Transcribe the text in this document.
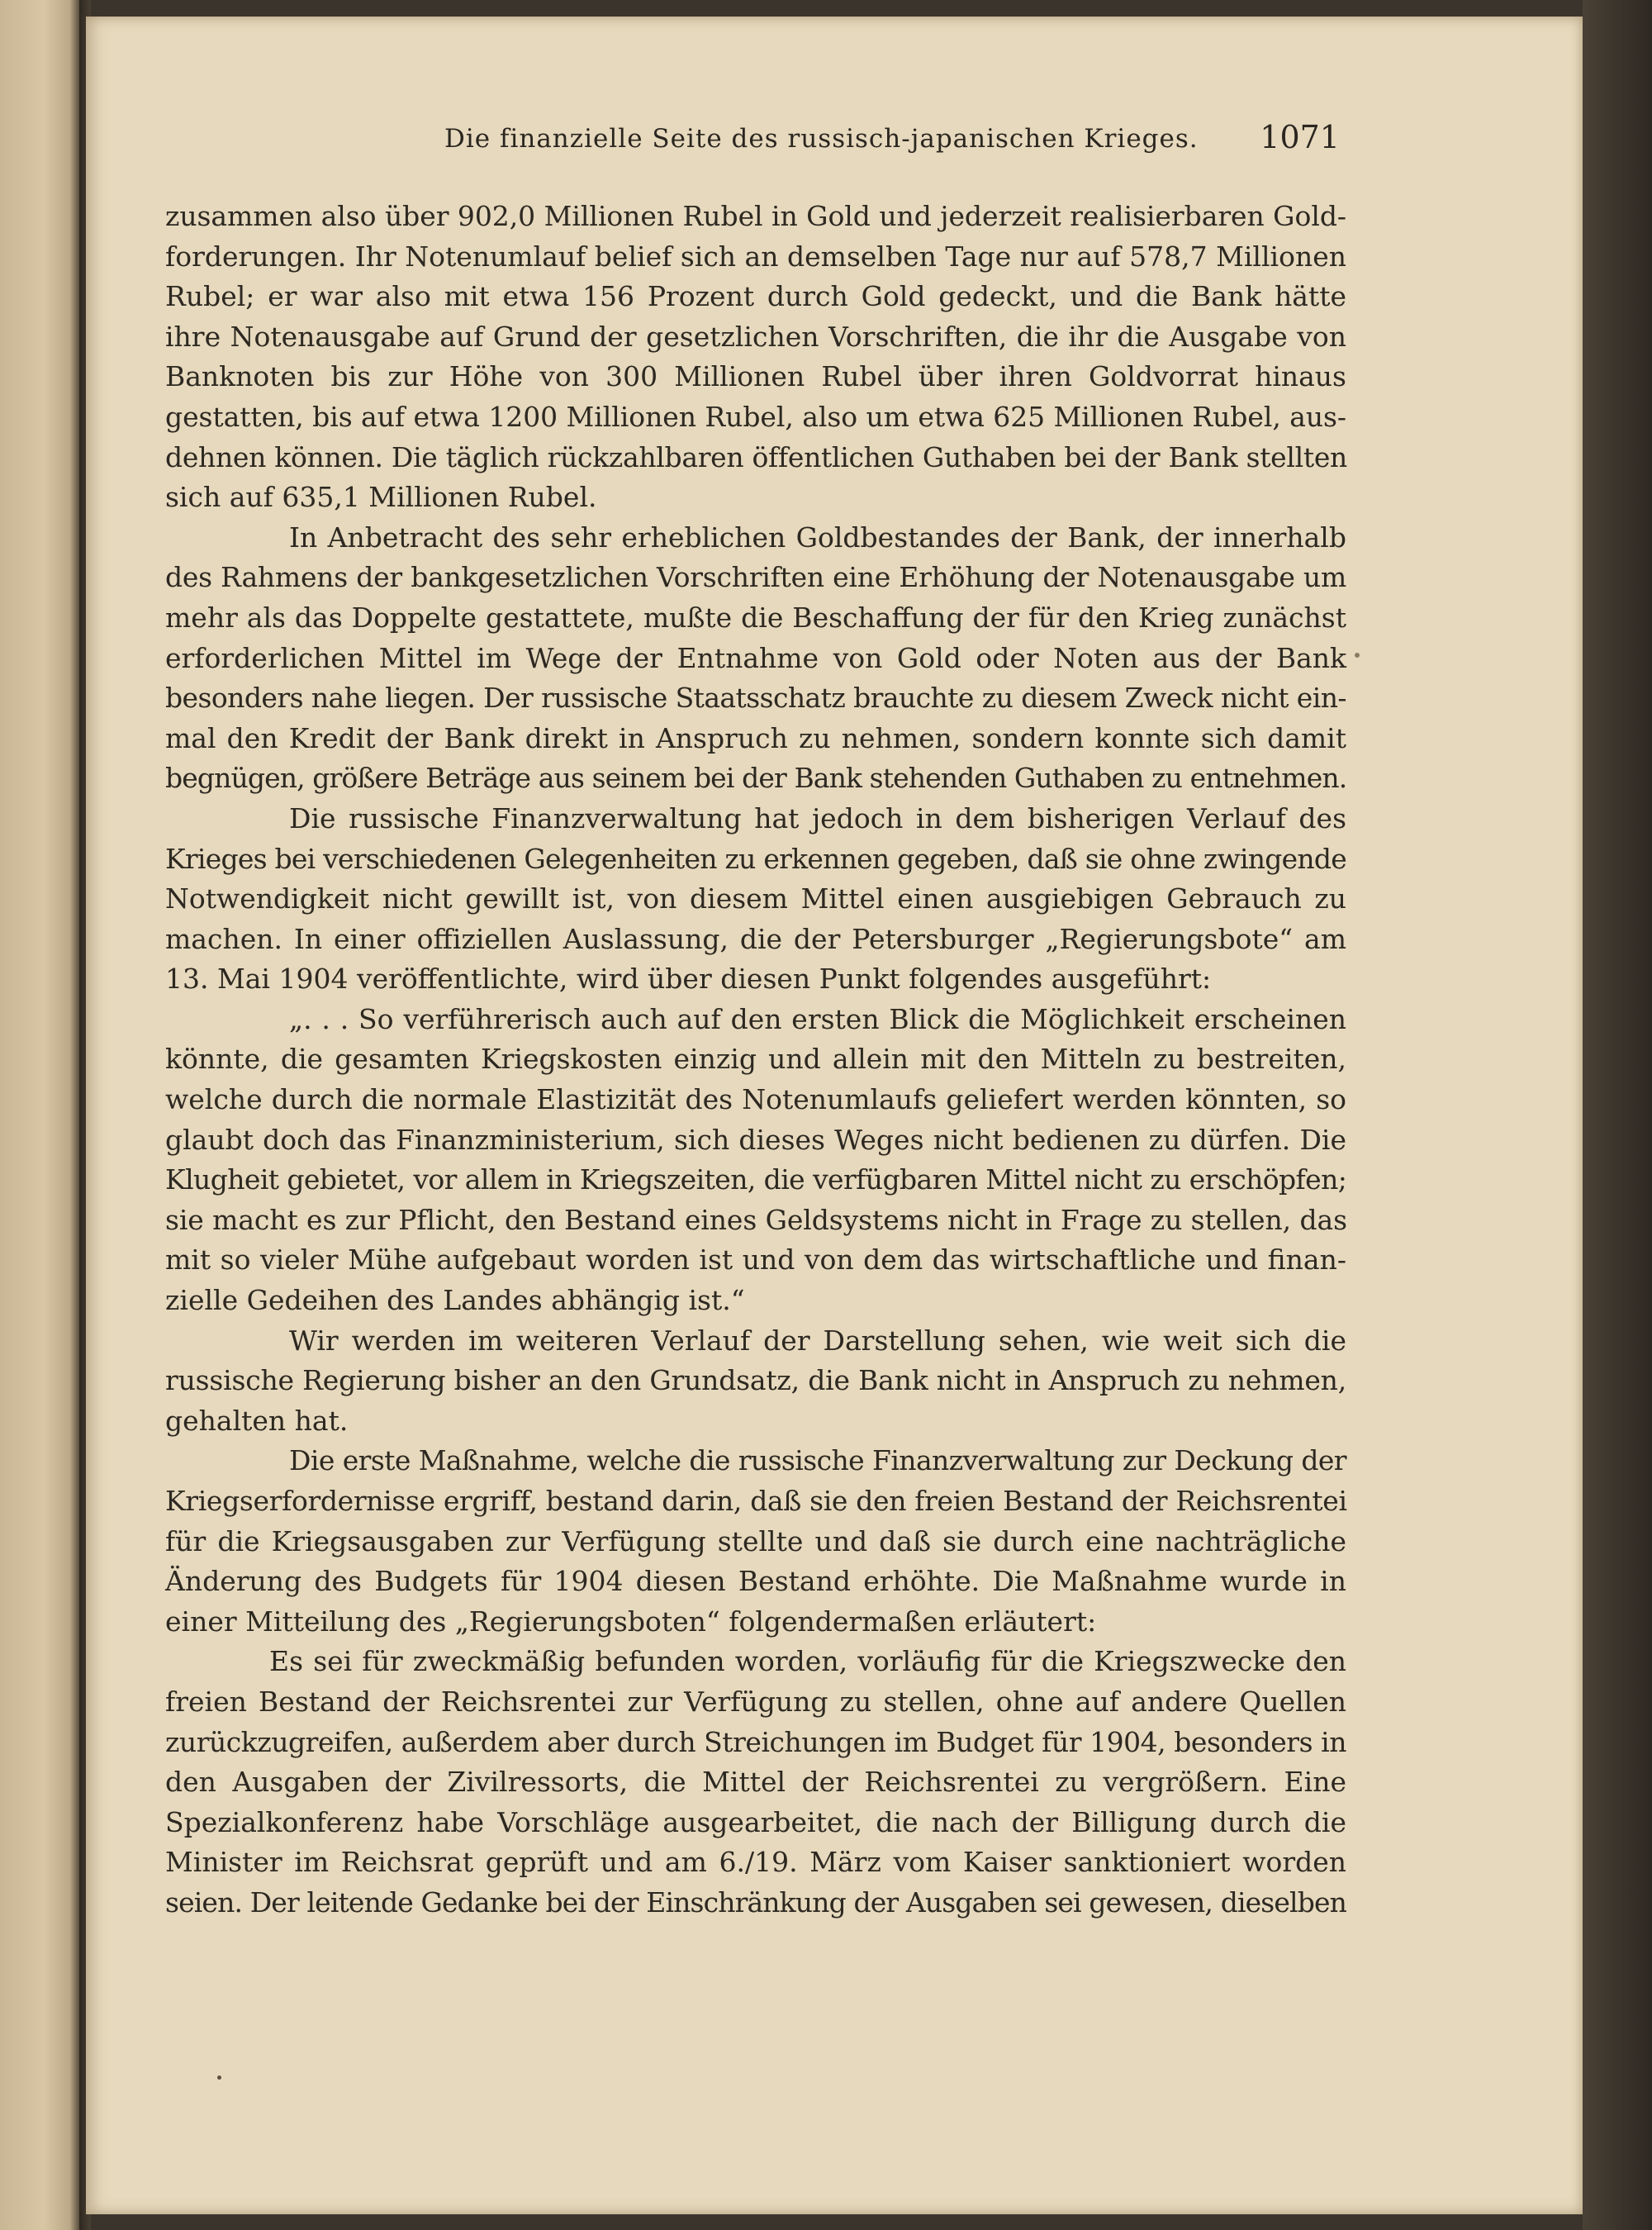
Die finanzielle Seite des russisch-japanischen Krieges.	1071
zusammen also über 902,0 Millionen Rubel in Gold und jederzeit realisierbaren Gold-
forderungen. Ihr Notenumlauf belief sich an demselben Tage nur auf 578,7 Millionen
Rubel; er war also mit etwa 156 Prozent durch Gold gedeckt, und die Bank hätte
ihre Notenausgabe auf Grund der gesetzlichen Vorschriften, die ihr die Ausgabe von
Banknoten bis zur Höhe von 300 Millionen Rubel über ihren Goldvorrat hinaus
gestatten, bis auf etwa 1200 Millionen Rubel, also um etwa 625 Millionen Rubel, aus-
dehnen können. Die täglich rückzahlbaren öffentlichen Guthaben bei der Bank stellten
sich auf 635,1 Millionen Rubel.
In Anbetracht des sehr erheblichen Goldbestandes der Bank, der innerhalb
des Rahmens der bankgesetzlichen Vorschriften eine Erhöhung der Notenausgabe um
mehr als das Doppelte gestattete, mußte die Beschaffung der für den Krieg zunächst
erforderlichen Mittel im Wege der Entnahme von Gold oder Noten aus der Bank
besonders nahe liegen. Der russische Staatsschatz brauchte zu diesem Zweck nicht ein-
mal den Kredit der Bank direkt in Anspruch zu nehmen, sondern konnte sich damit
begnügen, größere Beträge aus seinem bei der Bank stehenden Guthaben zu entnehmen.
Die russische Finanzverwaltung hat jedoch in dem bisherigen Verlauf des
Krieges bei verschiedenen Gelegenheiten zu erkennen gegeben, daß sie ohne zwingende
Notwendigkeit nicht gewillt ist, von diesem Mittel einen ausgiebigen Gebrauch zu
machen. In einer offiziellen Auslassung, die der Petersburger „Regierungsbote“ am
13. Mai 1904 veröffentlichte, wird über diesen Punkt folgendes ausgeführt:
„. . . So verführerisch auch auf den ersten Blick die Möglichkeit erscheinen
könnte, die gesamten Kriegskosten einzig und allein mit den Mitteln zu bestreiten,
welche durch die normale Elastizität des Notenumlaufs geliefert werden könnten, so
glaubt doch das Finanzministerium, sich dieses Weges nicht bedienen zu dürfen. Die
Klugheit gebietet, vor allem in Kriegszeiten, die verfügbaren Mittel nicht zu erschöpfen;
sie macht es zur Pflicht, den Bestand eines Geldsystems nicht in Frage zu stellen, das
mit so vieler Mühe aufgebaut worden ist und von dem das wirtschaftliche und finan-
zielle Gedeihen des Landes abhängig ist.“
Wir werden im weiteren Verlauf der Darstellung sehen, wie weit sich die
russische Regierung bisher an den Grundsatz, die Bank nicht in Anspruch zu nehmen,
gehalten hat.
Die erste Maßnahme, welche die russische Finanzverwaltung zur Deckung der
Kriegserfordernisse ergriff, bestand darin, daß sie den freien Bestand der Reichsrentei
für die Kriegsausgaben zur Verfügung stellte und daß sie durch eine nachträgliche
Änderung des Budgets für 1904 diesen Bestand erhöhte. Die Maßnahme wurde in
einer Mitteilung des „Regierungsboten“ folgendermaßen erläutert:
Es sei für zweckmäßig befunden worden, vorläufig für die Kriegszwecke den
freien Bestand der Reichsrentei zur Verfügung zu stellen, ohne auf andere Quellen
zurückzugreifen, außerdem aber durch Streichungen im Budget für 1904, besonders in
den Ausgaben der Zivilressorts, die Mittel der Reichsrentei zu vergrößern. Eine
Spezialkonferenz habe Vorschläge ausgearbeitet, die nach der Billigung durch die
Minister im Reichsrat geprüft und am 6./19. März vom Kaiser sanktioniert worden
seien. Der leitende Gedanke bei der Einschränkung der Ausgaben sei gewesen, dieselben
